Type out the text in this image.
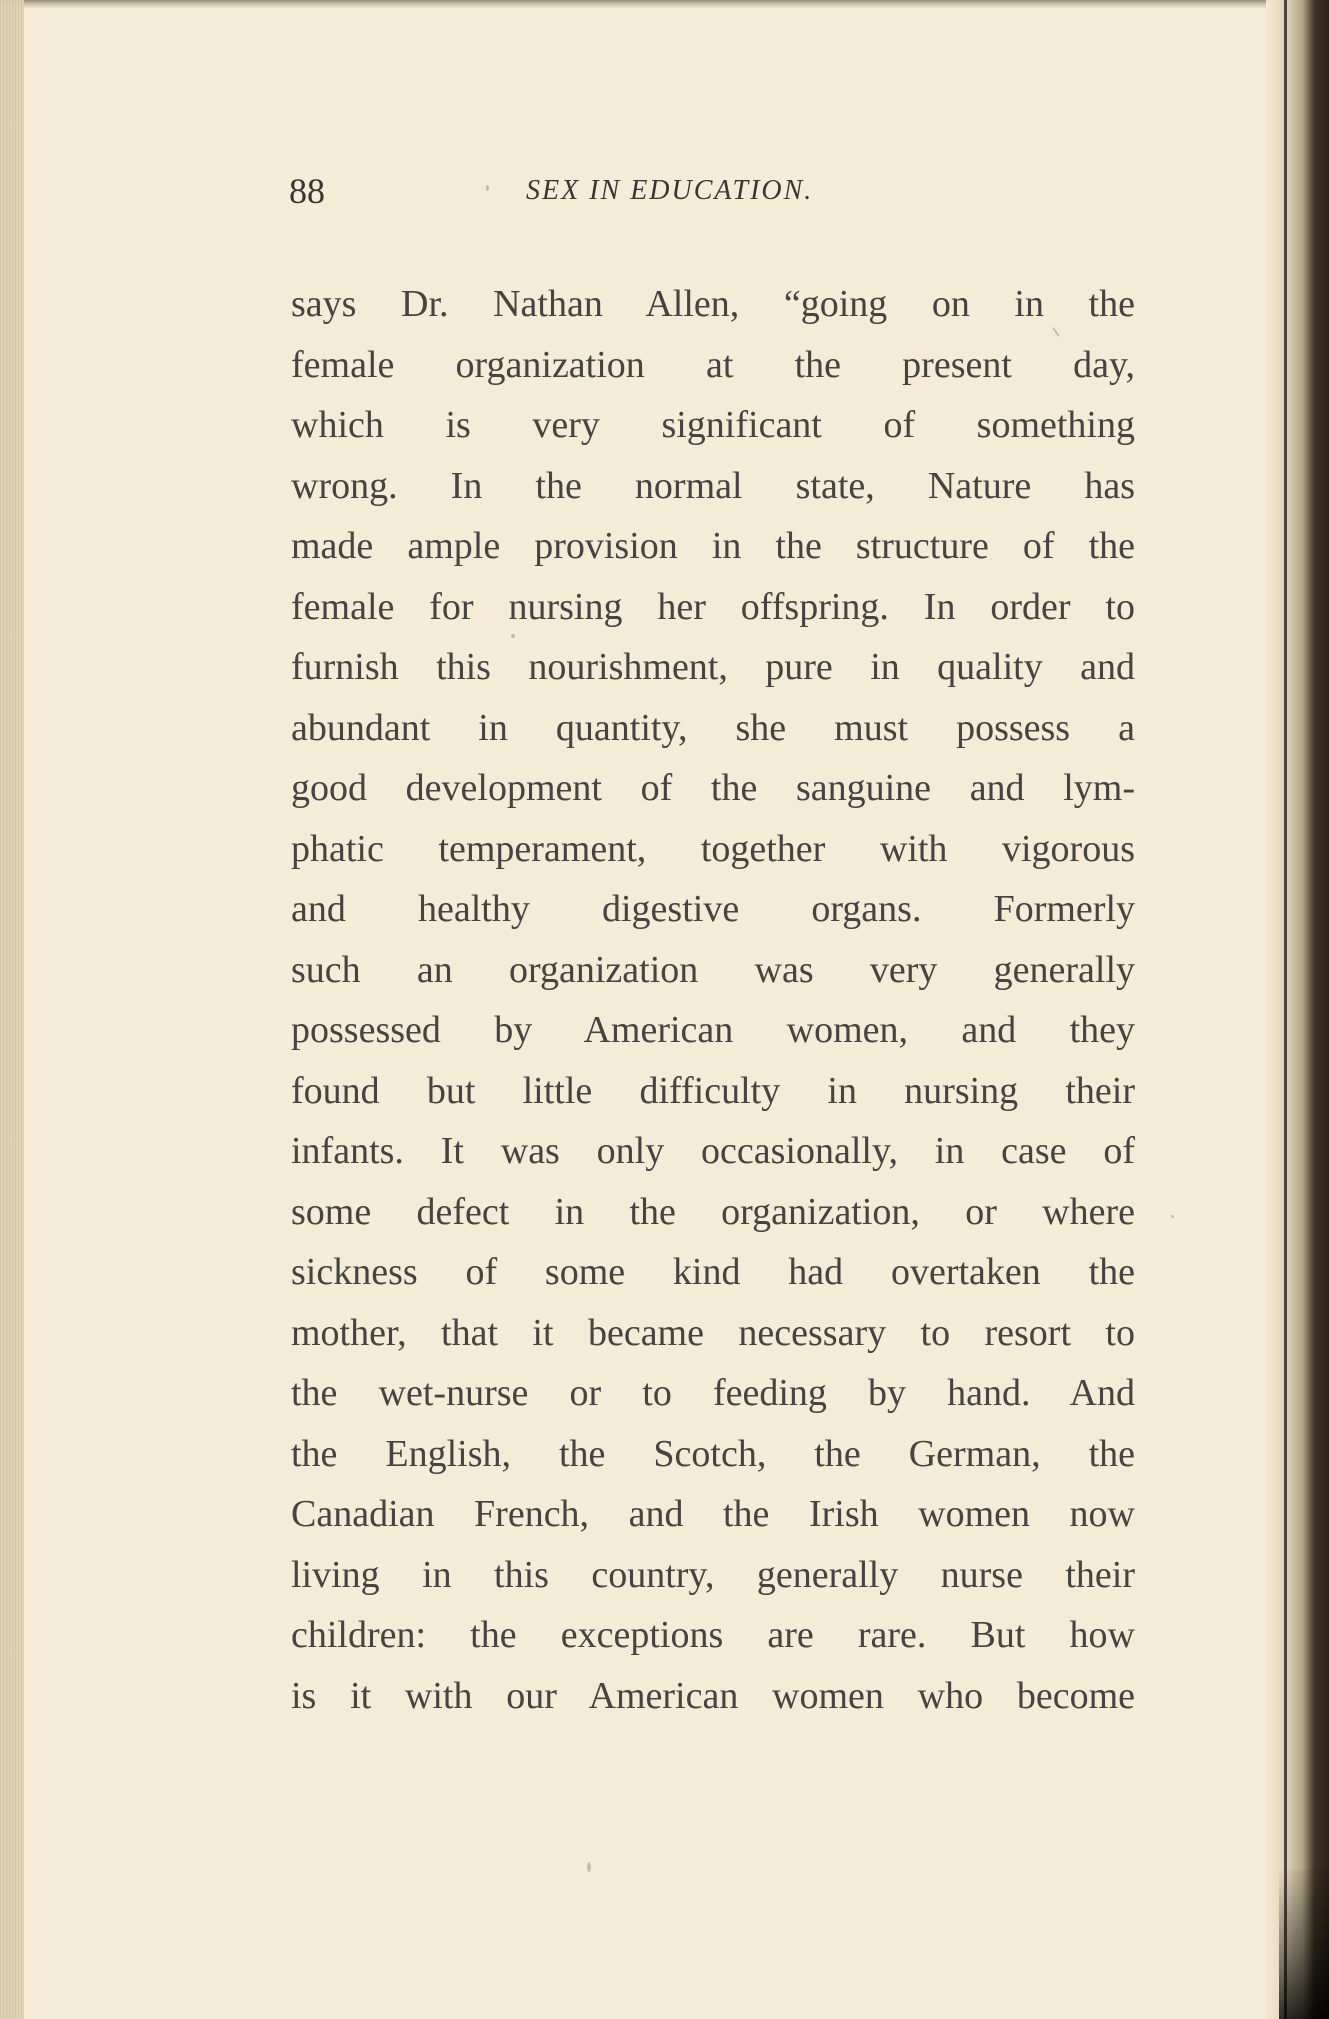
88	SEX IN EDUCATION.
says Dr. Nathan Allen, “going on in the
female organization at the present day,
which is very significant of something
wrong. In the normal state, Nature has
made ample provision in the structure of the
female for nursing her offspring. In order to
furnish this nourishment, pure in quality and
abundant in quantity, she must possess a
good development of the sanguine and lym-
phatic temperament, together with vigorous
and healthy digestive organs. Formerly
such an organization was very generally
possessed by American women, and they
found but little difficulty in nursing their
infants. It was only occasionally, in case of
some defect in the organization, or where
sickness of some kind had overtaken the
mother, that it became necessary to resort to
the wet-nurse or to feeding by hand. And
the English, the Scotch, the German, the
Canadian French, and the Irish women now
living in this country, generally nurse their
children: the exceptions are rare. But how
is it with our American women who become
